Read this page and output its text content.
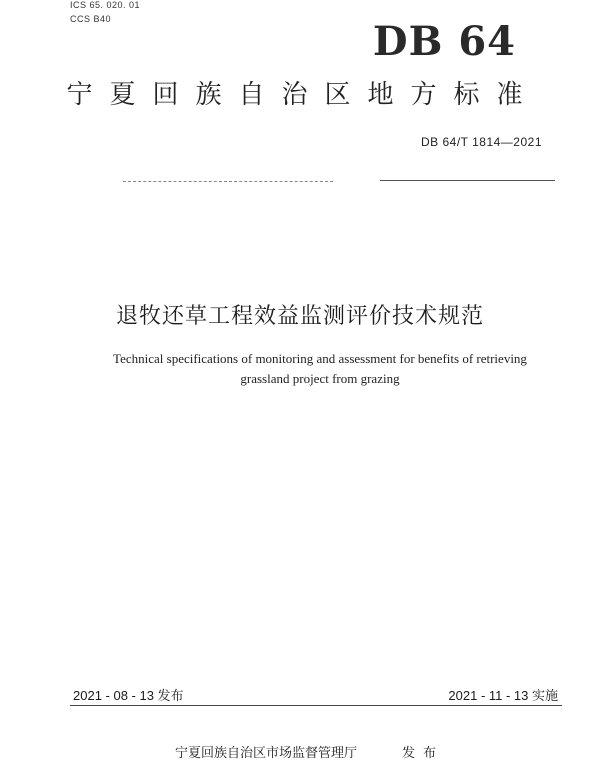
ICS 65. 020. 01
CCS B40	DB 64
宁夏回族自治区地方标准
DB 64/T 1814—2021
退牧还草工程效益监测评价技术规范
Technical specifications of monitoring and assessment for benefits of retrieving
grassland project from grazing
2021 - 08 - 13 发布	2021 - 11 - 13 实施
宁夏回族自治区市场监督管理厅	发布
